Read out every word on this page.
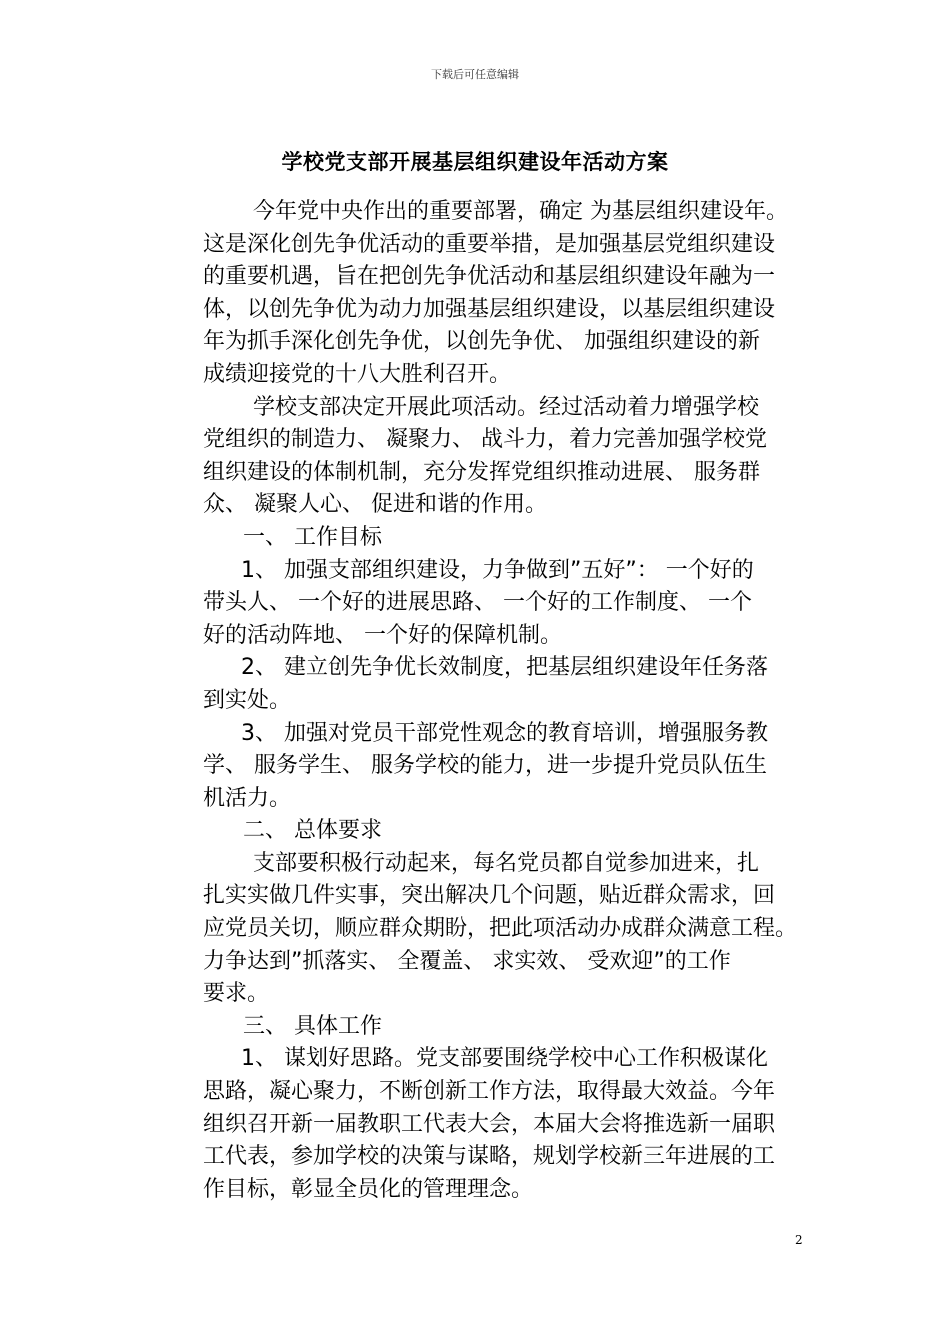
下载后可任意编辑
学校党支部开展基层组织建设年活动方案
今年党中央作出的重要部署，确定 为基层组织建设年。
这是深化创先争优活动的重要举措，是加强基层党组织建设
的重要机遇，旨在把创先争优活动和基层组织建设年融为一
体，以创先争优为动力加强基层组织建设，以基层组织建设
年为抓手深化创先争优，以创先争优、 加强组织建设的新
成绩迎接党的十八大胜利召开。
学校支部决定开展此项活动。经过活动着力增强学校
党组织的制造力、 凝聚力、 战斗力，着力完善加强学校党
组织建设的体制机制，充分发挥党组织推动进展、 服务群
众、 凝聚人心、 促进和谐的作用。
一、 工作目标
1、 加强支部组织建设，力争做到”五好”： 一个好的
带头人、 一个好的进展思路、 一个好的工作制度、 一个
好的活动阵地、 一个好的保障机制。
2、 建立创先争优长效制度，把基层组织建设年任务落
到实处。
3、 加强对党员干部党性观念的教育培训，增强服务教
学、 服务学生、 服务学校的能力，进一步提升党员队伍生
机活力。
二、 总体要求
支部要积极行动起来，每名党员都自觉参加进来，扎
扎实实做几件实事，突出解决几个问题，贴近群众需求，回
应党员关切，顺应群众期盼，把此项活动办成群众满意工程。
力争达到”抓落实、 全覆盖、 求实效、 受欢迎”的工作
要求。
三、 具体工作
1、 谋划好思路。党支部要围绕学校中心工作积极谋化
思路，凝心聚力，不断创新工作方法，取得最大效益。今年
组织召开新一届教职工代表大会，本届大会将推选新一届职
工代表，参加学校的决策与谋略，规划学校新三年进展的工
作目标，彰显全员化的管理理念。
2
